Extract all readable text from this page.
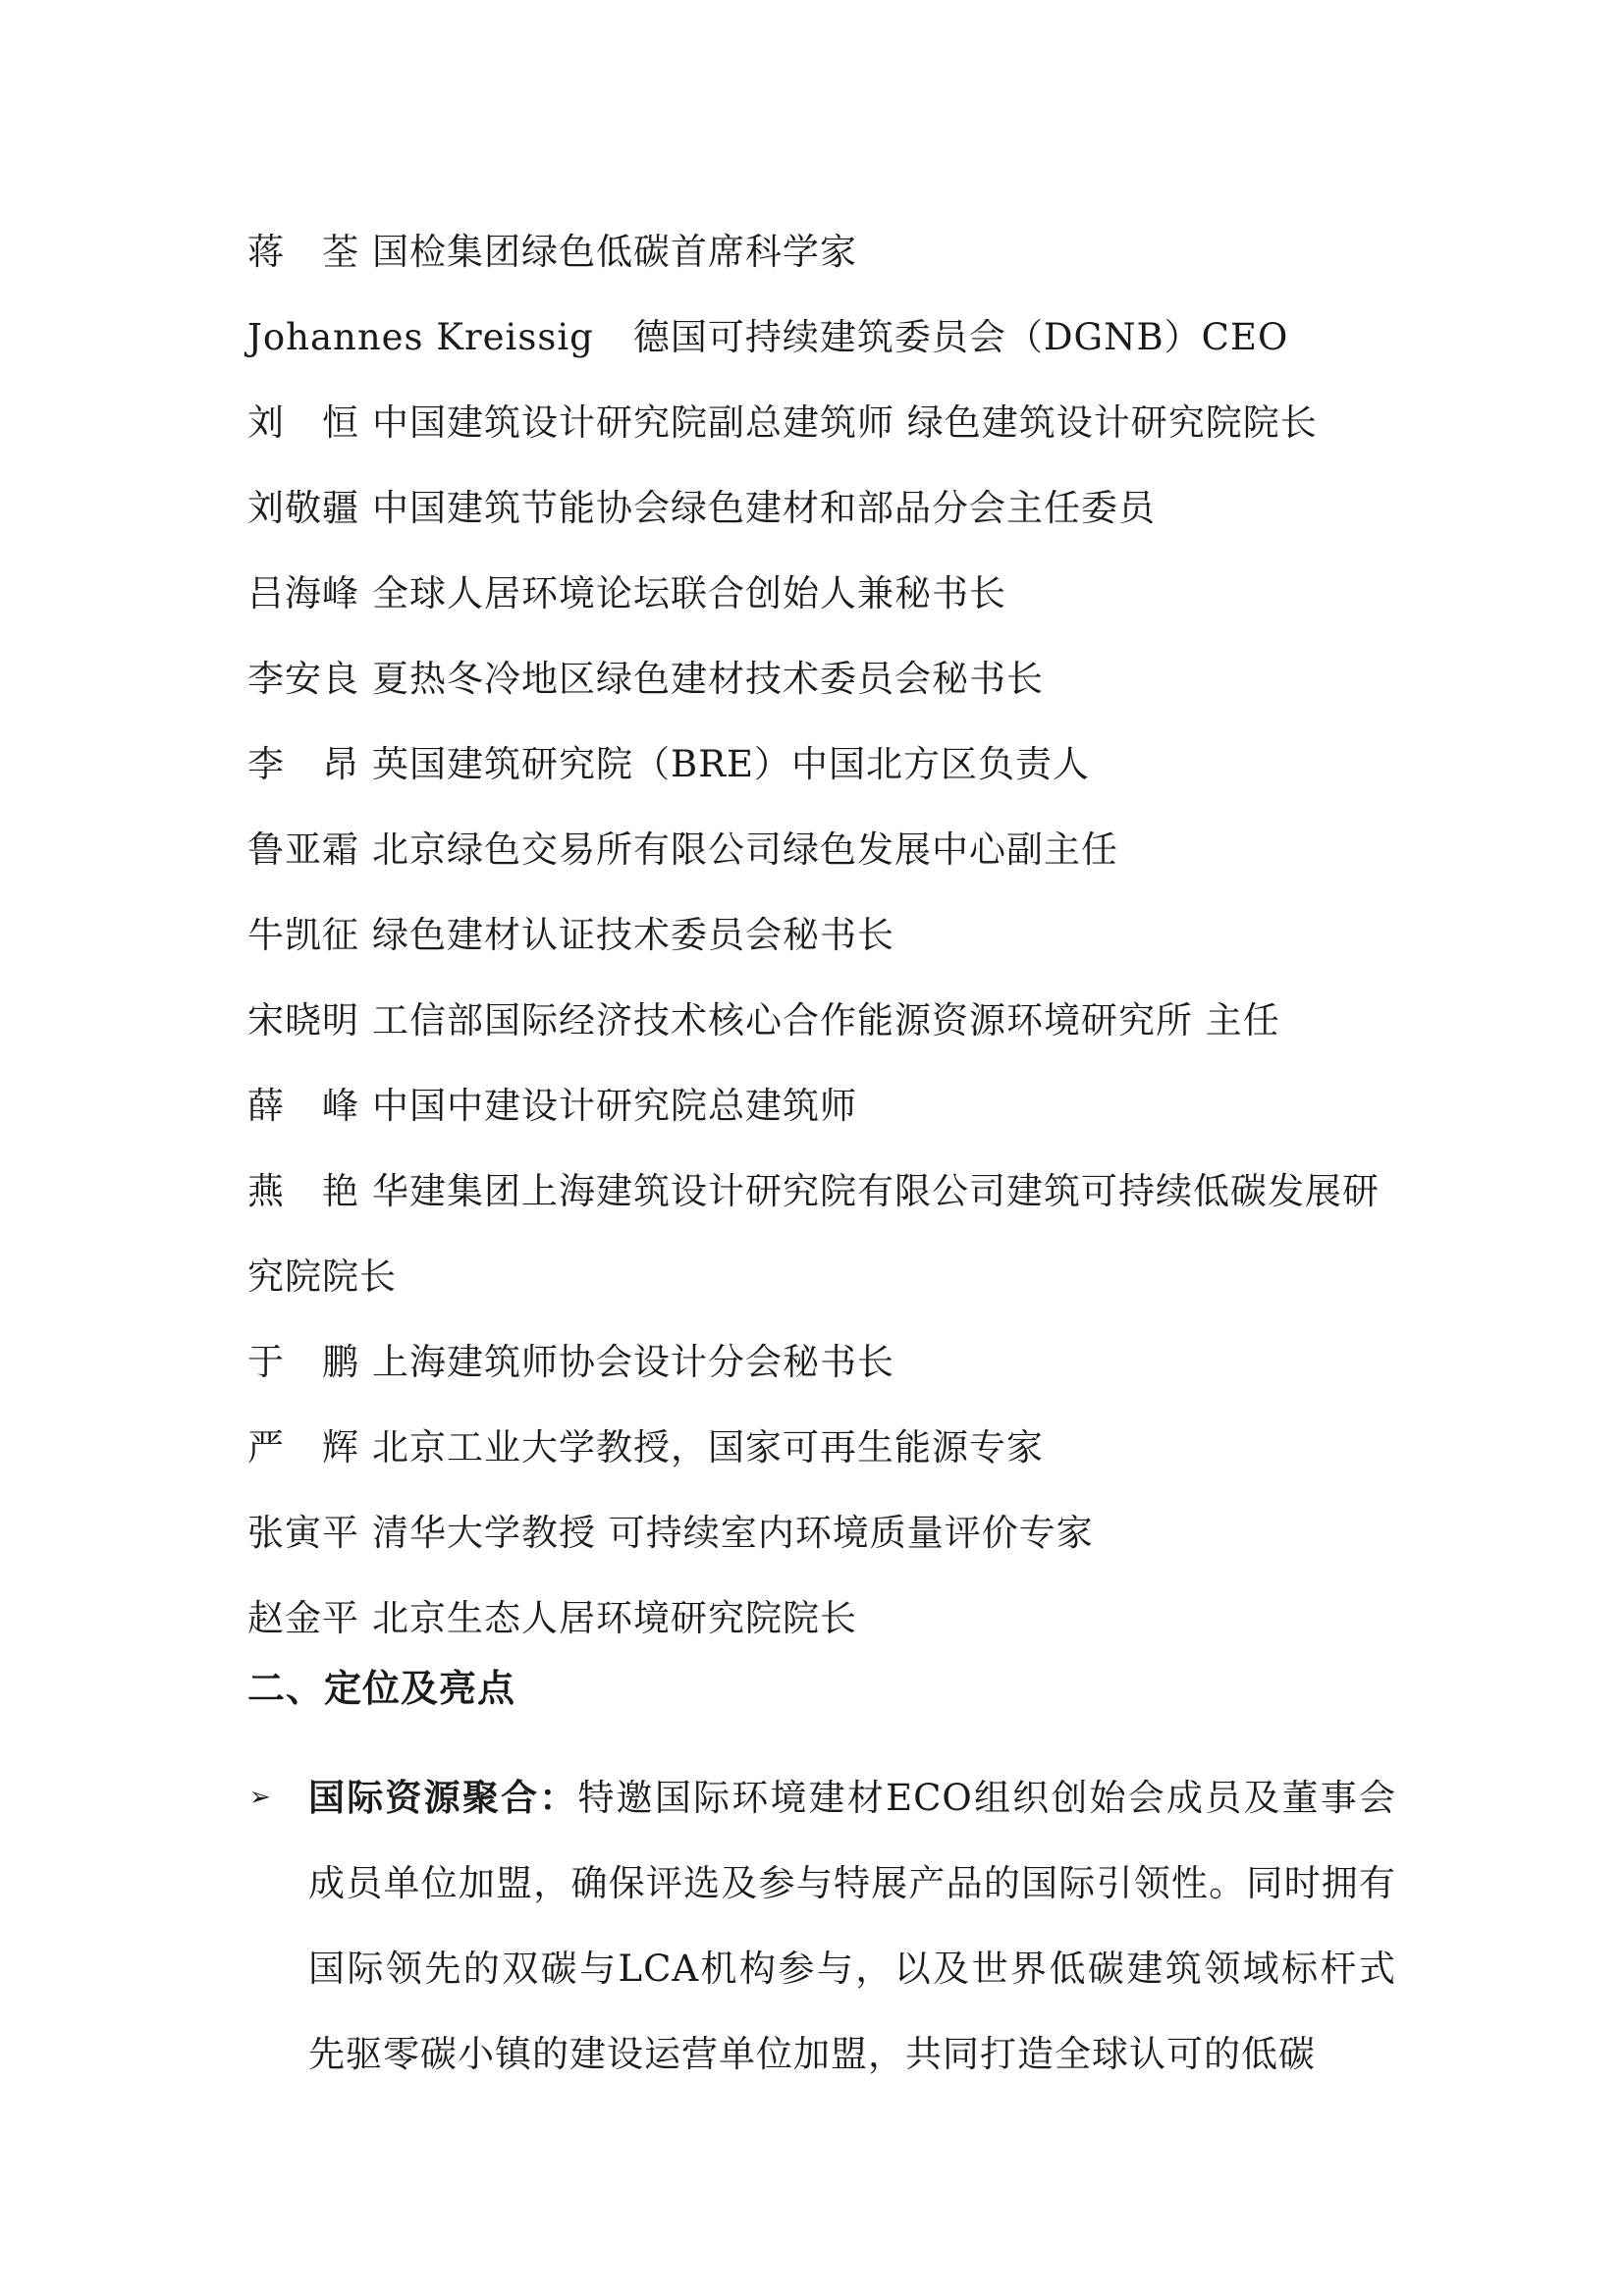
蒋　荃 国检集团绿色低碳首席科学家
Johannes Kreissig 德国可持续建筑委员会（DGNB）CEO
刘　恒 中国建筑设计研究院副总建筑师 绿色建筑设计研究院院长
刘敬疆 中国建筑节能协会绿色建材和部品分会主任委员
吕海峰 全球人居环境论坛联合创始人兼秘书长
李安良 夏热冬冷地区绿色建材技术委员会秘书长
李　昂 英国建筑研究院（BRE）中国北方区负责人
鲁亚霜 北京绿色交易所有限公司绿色发展中心副主任
牛凯征 绿色建材认证技术委员会秘书长
宋晓明 工信部国际经济技术核心合作能源资源环境研究所 主任
薛　峰 中国中建设计研究院总建筑师
燕　艳 华建集团上海建筑设计研究院有限公司建筑可持续低碳发展研究院院长
于　鹏 上海建筑师协会设计分会秘书长
严　辉 北京工业大学教授，国家可再生能源专家
张寅平 清华大学教授 可持续室内环境质量评价专家
赵金平 北京生态人居环境研究院院长
二、定位及亮点
➢ 国际资源聚合：特邀国际环境建材ECO组织创始会成员及董事会成员单位加盟，确保评选及参与特展产品的国际引领性。同时拥有国际领先的双碳与LCA机构参与，以及世界低碳建筑领域标杆式先驱零碳小镇的建设运营单位加盟，共同打造全球认可的低碳
